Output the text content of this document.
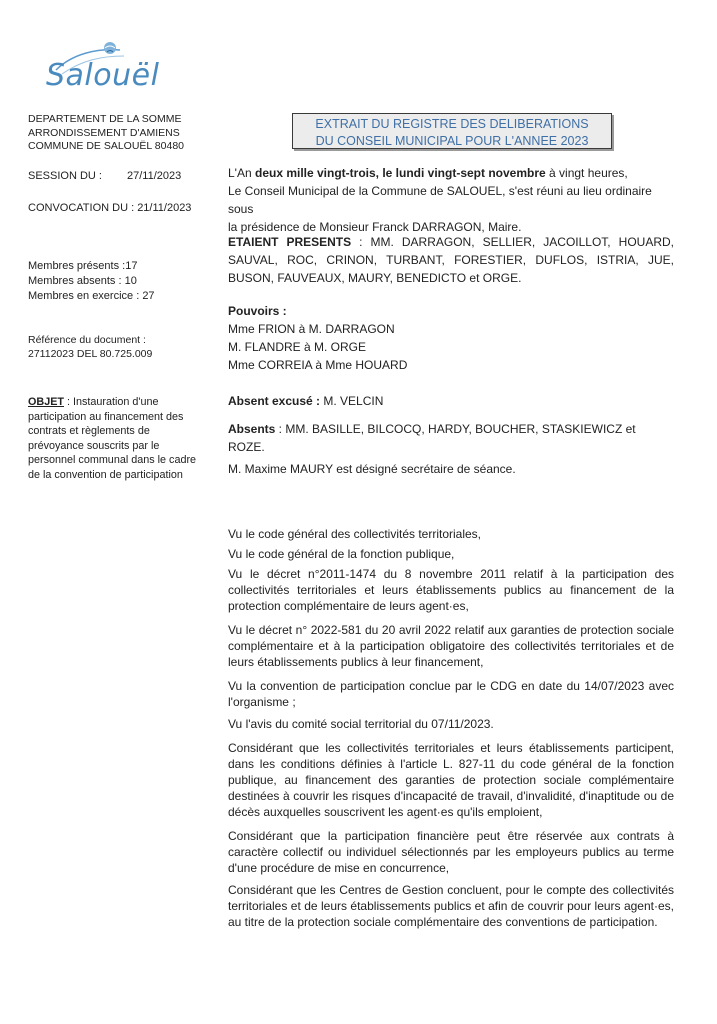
Salouël
DEPARTEMENT DE LA SOMME
ARRONDISSEMENT D'AMIENS
COMMUNE DE SALOUËL 80480
SESSION DU : 27/11/2023
CONVOCATION DU : 21/11/2023
Membres présents :17
Membres absents : 10
Membres en exercice : 27
Référence du document :
27112023 DEL 80.725.009
OBJET : Instauration d'une participation au financement des contrats et règlements de prévoyance souscrits par le personnel communal dans le cadre de la convention de participation
EXTRAIT DU REGISTRE DES DELIBERATIONS
DU CONSEIL MUNICIPAL POUR L'ANNEE 2023
L'An deux mille vingt-trois, le lundi vingt-sept novembre à vingt heures,
Le Conseil Municipal de la Commune de SALOUEL, s'est réuni au lieu ordinaire sous
la présidence de Monsieur Franck DARRAGON, Maire.
ETAIENT PRESENTS : MM. DARRAGON, SELLIER, JACOILLOT, HOUARD, SAUVAL, ROC, CRINON, TURBANT, FORESTIER, DUFLOS, ISTRIA, JUE, BUSON, FAUVEAUX, MAURY, BENEDICTO et ORGE.
Pouvoirs :
Mme FRION à M. DARRAGON
M. FLANDRE à M. ORGE
Mme CORREIA à Mme HOUARD
Absent excusé : M. VELCIN
Absents : MM. BASILLE, BILCOCQ, HARDY, BOUCHER, STASKIEWICZ et ROZE.
M. Maxime MAURY est désigné secrétaire de séance.
Vu le code général des collectivités territoriales,
Vu le code général de la fonction publique,
Vu le décret n°2011-1474 du 8 novembre 2011 relatif à la participation des collectivités territoriales et leurs établissements publics au financement de la protection complémentaire de leurs agent·es,
Vu le décret n° 2022-581 du 20 avril 2022 relatif aux garanties de protection sociale complémentaire et à la participation obligatoire des collectivités territoriales et de leurs établissements publics à leur financement,
Vu la convention de participation conclue par le CDG en date du 14/07/2023 avec l'organisme ;
Vu l'avis du comité social territorial du 07/11/2023.
Considérant que les collectivités territoriales et leurs établissements participent, dans les conditions définies à l'article L. 827-11 du code général de la fonction publique, au financement des garanties de protection sociale complémentaire destinées à couvrir les risques d'incapacité de travail, d'invalidité, d'inaptitude ou de décès auxquelles souscrivent les agent·es qu'ils emploient,
Considérant que la participation financière peut être réservée aux contrats à caractère collectif ou individuel sélectionnés par les employeurs publics au terme d'une procédure de mise en concurrence,
Considérant que les Centres de Gestion concluent, pour le compte des collectivités territoriales et de leurs établissements publics et afin de couvrir pour leurs agent·es, au titre de la protection sociale complémentaire des conventions de participation.
